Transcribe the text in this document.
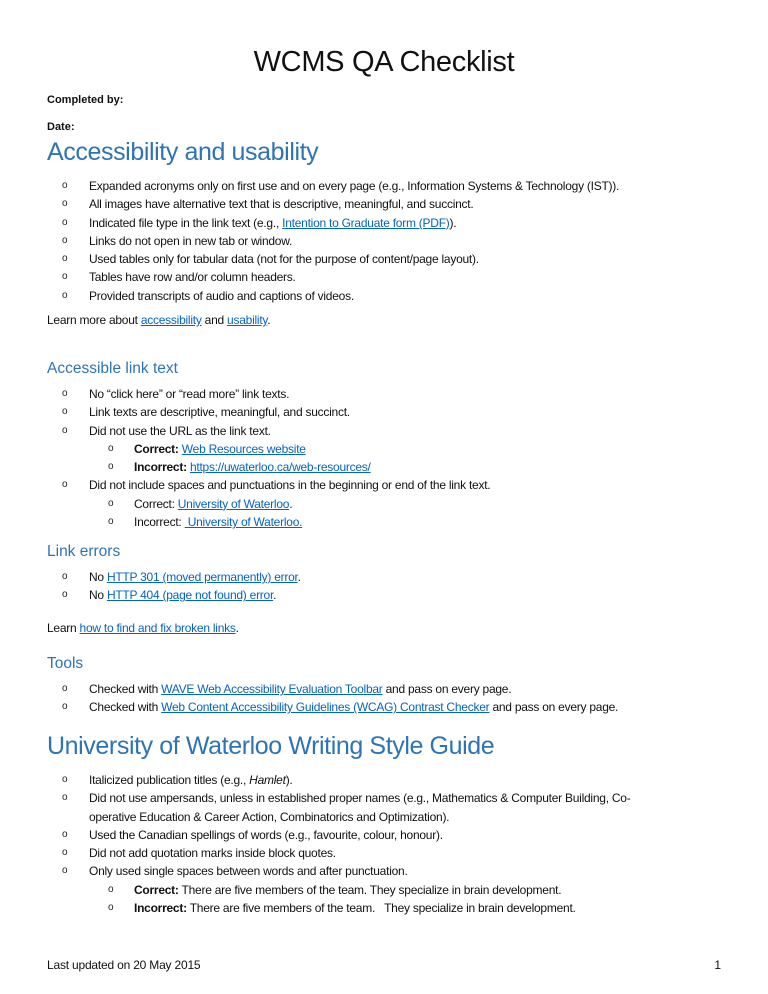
WCMS QA Checklist
Completed by:
Date:
Accessibility and usability
o Expanded acronyms only on first use and on every page (e.g., Information Systems & Technology (IST)).
o All images have alternative text that is descriptive, meaningful, and succinct.
o Indicated file type in the link text (e.g., Intention to Graduate form (PDF)).
o Links do not open in new tab or window.
o Used tables only for tabular data (not for the purpose of content/page layout).
o Tables have row and/or column headers.
o Provided transcripts of audio and captions of videos.
Learn more about accessibility and usability.
Accessible link text
o No “click here” or “read more” link texts.
o Link texts are descriptive, meaningful, and succinct.
o Did not use the URL as the link text.
o Correct: Web Resources website
o Incorrect: https://uwaterloo.ca/web-resources/
o Did not include spaces and punctuations in the beginning or end of the link text.
o Correct: University of Waterloo.
o Incorrect:  University of Waterloo.
Link errors
o No HTTP 301 (moved permanently) error.
o No HTTP 404 (page not found) error.
Learn how to find and fix broken links.
Tools
o Checked with WAVE Web Accessibility Evaluation Toolbar and pass on every page.
o Checked with Web Content Accessibility Guidelines (WCAG) Contrast Checker and pass on every page.
University of Waterloo Writing Style Guide
o Italicized publication titles (e.g., Hamlet).
o Did not use ampersands, unless in established proper names (e.g., Mathematics & Computer Building, Co-
operative Education & Career Action, Combinatorics and Optimization).
o Used the Canadian spellings of words (e.g., favourite, colour, honour).
o Did not add quotation marks inside block quotes.
o Only used single spaces between words and after punctuation.
o Correct: There are five members of the team. They specialize in brain development.
o Incorrect: There are five members of the team.   They specialize in brain development.
Last updated on 20 May 2015	1
